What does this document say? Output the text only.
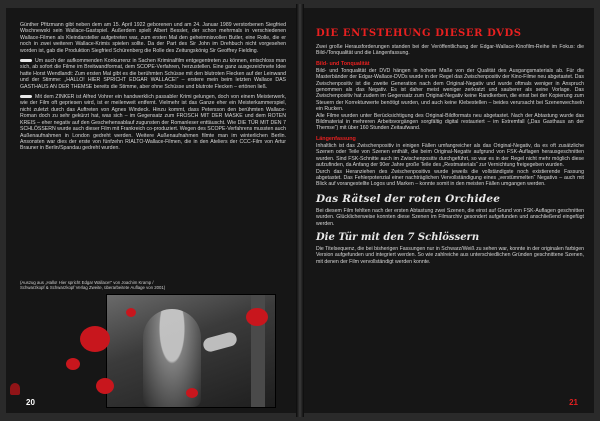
Günther Pfitzmann gibt neben dem am 15. April 1922 geborenen und am 24. Januar 1989 verstorbenen Siegfried Wischnewski sein Wallace-Gastspiel. Außerdem spielt Albert Bessler, der schon mehrmals in verschiedenen Wallace-Filmen als Kleindarsteller aufgetreten war, zum ersten Mal den geheimnisvollen Butler, eine Rolle, die er noch in zwei weiteren Wallace-Krimis spielen sollte. Da der Part des Sir John im Drehbuch nicht vorgesehen worden ist, gab die Produktion Siegfried Schürenberg die Rolle des Zeitungskönig Sir Geoffrey Fielding.

Um auch der aufkommenden Konkurrenz in Sachen Kriminalfilm entgegentreten zu können, entschloss man sich, ab sofort die Filme im Breitwandformat, dem SCOPE-Verfahren, herzustellen. Eine ganz ausgezeichnete Idee hatte Horst Wendlandt: Zum ersten Mal gibt es die berühmten Schüsse mit den blutroten Flecken auf der Leinwand und der Stimme: „HALLO! HIER SPRICHT EDGAR WALLACE!“ – erstere mein beim letzten Wallace DAS GASTHAUS AN DER THEMSE bereits die Stimme, aber ohne Schüsse und blutrote Flecken – ertönen ließ.

Mit dem ZINKER ist Alfred Vohrer ein handwerklich passabler Krimi gelungen, doch von einem Meisterwerk, wie der Film oft gepriesen wird, ist er meilenweit entfernt. Vielmehr ist das Ganze eher ein Meisterkammerspiel, nicht zuletzt durch das Auftreten von Agnes Windeck. Hinzu kommt, dass Petersson den berühmten Wallace-Roman doch zu sehr gekürzt hat, was sich – im Gegensatz zum FROSCH MIT DER MASKE und dem ROTEN KREIS – eher negativ auf den Geschehensablauf zugunsten der Romanleser enttäuscht. Wie DIE TÜR MIT DEN 7 SCHLÖSSERN wurde auch dieser Film mit Frankreich co-produziert. Wegen des SCOPE-Verfahrens mussten auch Außenaufnahmen in London gedreht werden. Weitere Außenaufnahmen filmte man im winterlichen Berlin. Ansonsten war dies der erste von fünfzehn RIALTO-Wallace-Filmen, die in den Ateliers der CCC-Film von Artur Brauner in Berlin/Spandau gedreht wurden.

(Auszug aus „Hallo! Hier spricht Edgar Wallace!“ von Joachim Kramp / Schwarzkopf & Schwarzkopf Verlag Zweite, überarbeitete Auflage von 2001)
20
DIE ENTSTEHUNG DIESER DVDS

Zwei große Herausforderungen standen bei der Veröffentlichung der Edgar-Wallace-Kinofilm-Reihe im Fokus: die Bild-/Tonqualität und die Längenfassung.

Bild- und Tonqualität

Bild- und Tonqualität der DVD hängen in hohem Maße von der Qualität des Ausgangsmaterials ab. Für die Masterbänder der Edgar-Wallace-DVDs wurde in der Regel das Zwischenpositiv der Kino-Filme neu abgetastet. Das Zwischenpositiv ist die zweite Generation nach dem Original-Negativ und wurde oftmals weniger in Anspruch genommen als das Negativ. Es ist daher meist weniger zerkratzt und sauberer als seine Vorlage. Das Zwischenpositiv hat zudem im Gegensatz zum Original-Negativ keine Randkerben, die einst bei der Kopierung zum Steuern der Korrekturwerte benötigt wurden, und auch keine Klebestellen – beides verursacht bei Szenenwechseln ein Rucken.

Alle Filme wurden unter Berücksichtigung des Original-Bildformats neu abgetastet. Nach der Abtastung wurde das Bildmaterial in mehreren Arbeitsvorgängen sorgfältig digital restauriert – im Extremfall („Das Gasthaus an der Themse“) mit über 160 Stunden Zeitaufwand.

Längenfassung

Inhaltlich ist das Zwischenpositiv in einigen Fällen umfangreicher als das Original-Negativ, da es oft zusätzliche Szenen oder Teile von Szenen enthält, die beim Original-Negativ aufgrund von FSK-Auflagen herausgeschnitten wurden. Sind FSK-Schnitte auch im Zwischenpositiv durchgeführt, so war es in der Regel nicht mehr möglich diese aufzufinden, da Anfang der 90er Jahre große Teile des „Restmaterials“ zur Vernichtung freigegeben wurden.

Durch das Heranziehen des Zwischenpositivs wurde jeweils die vollständigste noch existierende Fassung abgetastet. Das Fehlerpotenzial einer nachträglichen Vervollständigung eines „verstümmelten“ Negativs – auch mit Blick auf vorangestellte Logos und Marken – konnte somit in den meisten Fällen umgangen werden.

Das Rätsel der roten Orchidee

Bei diesem Film fehlten nach der ersten Abtastung zwei Szenen, die einst auf Grund von FSK-Auflagen geschnitten wurden. Glücklicherweise konnten diese Szenen im Filmarchiv gesondert aufgefunden und anschließend eingefügt werden.

Die Tür mit den 7 Schlössern

Die Titelsequenz, die bei bisherigen Fassungen nur in Schwarz/Weiß zu sehen war, konnte in der originalen farbigen Version aufgefunden und integriert werden. So wie zahlreiche aus unterschiedlichen Gründen geschnittene Szenen, mit denen der Film vervollständigt werden konnte.

21
